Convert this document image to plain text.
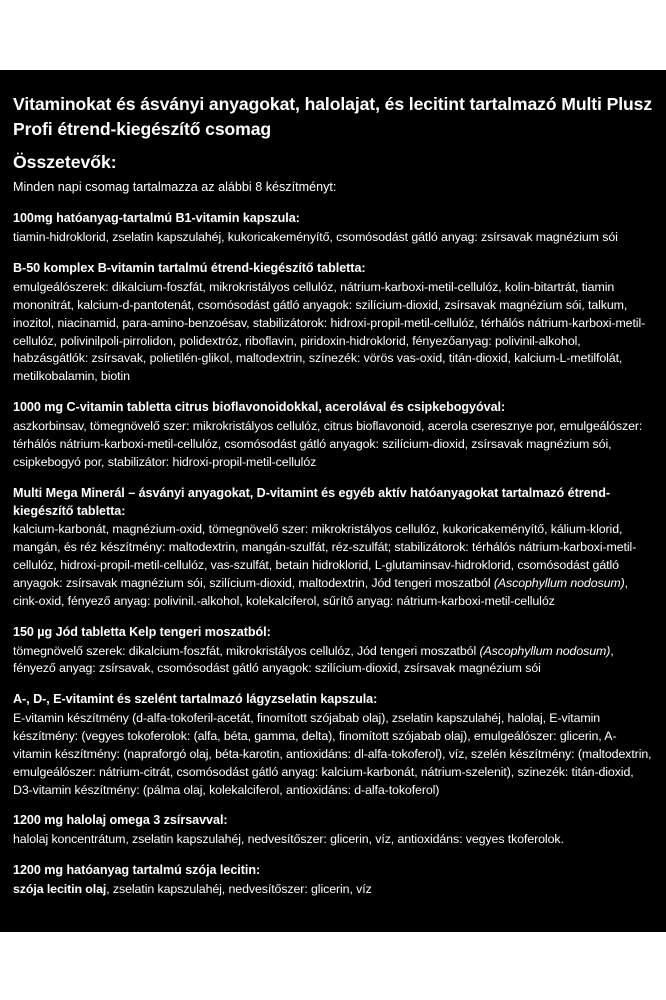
Vitaminokat és ásványi anyagokat, halolajat, és lecitint tartalmazó Multi Plusz Profi étrend-kiegészítő csomag
Összetevők:

Minden napi csomag tartalmazza az alábbi 8 készítményt:

100mg hatóanyag-tartalmú B1-vitamin kapszula:

tiamin-hidroklorid, zselatin kapszulahéj, kukoricakeményítő, csomósodást gátló anyag: zsírsavak magnézium sói

B-50 komplex B-vitamin tartalmú étrend-kiegészítő tabletta:

emulgeálószerek: dikalcium-foszfát, mikrokristályos cellulóz, nátrium-karboxi-metil-cellulóz, kolin-bitartrát, tiamin mononitrát, kalcium-d-pantotenát, csomósodást gátló anyagok: szilícium-dioxid, zsírsavak magnézium sói, talkum, inozitol, niacinamid, para-amino-benzoésav, stabilizátorok: hidroxi-propil-metil-cellulóz, térhálós nátrium-karboxi-metil-cellulóz, polivinilpoli-pirrolidon, polidextróz, riboflavin, piridoxin-hidroklorid, fényezőanyag: polivinil-alkohol, habzásgátlók: zsírsavak, polietilén-glikol, maltodextrin, színezék: vörös vas-oxid, titán-dioxid, kalcium-L-metilfolát, metilkobalamin, biotin

1000 mg C-vitamin tabletta citrus bioflavonoidokkal, acerolával és csipkebogyóval:

aszkorbinsav, tömegnövelő szer: mikrokristályos cellulóz, citrus bioflavonoid, acerola cseresznye por, emulgeálószer: térhálós nátrium-karboxi-metil-cellulóz, csomósodást gátló anyagok: szilícium-dioxid, zsírsavak magnézium sói, csipkebogyó por, stabilizátor: hidroxi-propil-metil-cellulóz

Multi Mega Minerál – ásványi anyagokat, D-vitamint és egyéb aktív hatóanyagokat tartalmazó étrend-kiegészítő tabletta:

kalcium-karbonát, magnézium-oxid, tömegnövelő szer: mikrokristályos cellulóz, kukoricakeményítő, kálium-klorid, mangán, és réz készítmény: maltodextrin, mangán-szulfát, réz-szulfát; stabilizátorok: térhálós nátrium-karboxi-metil-cellulóz, hidroxi-propil-metil-cellulóz, vas-szulfát, betain hidroklorid, L-glutaminsav-hidroklorid, csomósodást gátló anyagok: zsírsavak magnézium sói, szilícium-dioxid, maltodextrin, Jód tengeri moszatból (Ascophyllum nodosum), cink-oxid, fényező anyag: polivinil.-alkohol, kolekalciferol, sűrítő anyag: nátrium-karboxi-metil-cellulóz

150 µg Jód tabletta Kelp tengeri moszatból:

tömegnövelő szerek: dikalcium-foszfát, mikrokristályos cellulóz, Jód tengeri moszatból (Ascophyllum nodosum), fényező anyag: zsírsavak, csomósodást gátló anyagok: szilícium-dioxid, zsírsavak magnézium sói

A-, D-, E-vitamint és szelént tartalmazó lágyzselatin kapszula:

E-vitamin készítmény (d-alfa-tokoferil-acetát, finomított szójabab olaj), zselatin kapszulahéj, halolaj, E-vitamin készítmény: (vegyes tokoferolok: (alfa, béta, gamma, delta), finomított szójabab olaj), emulgeálószer: glicerin, A-vitamin készítmény: (napraforgó olaj, béta-karotin, antioxidáns: dl-alfa-tokoferol), víz, szelén készítmény: (maltodextrin, emulgeálószer: nátrium-citrát, csomósodást gátló anyag: kalcium-karbonát, nátrium-szelenit), szinezék: titán-dioxid, D3-vitamin készítmény: (pálma olaj, kolekalciferol, antioxidáns: d-alfa-tokoferol)

1200 mg halolaj omega 3 zsírsavval:

halolaj koncentrátum, zselatin kapszulahéj, nedvesítőszer: glicerin, víz, antioxidáns: vegyes tkoferolok.

1200 mg hatóanyag tartalmú szója lecitin:

szója lecitin olaj, zselatin kapszulahéj, nedvesítőszer: glicerin, víz
